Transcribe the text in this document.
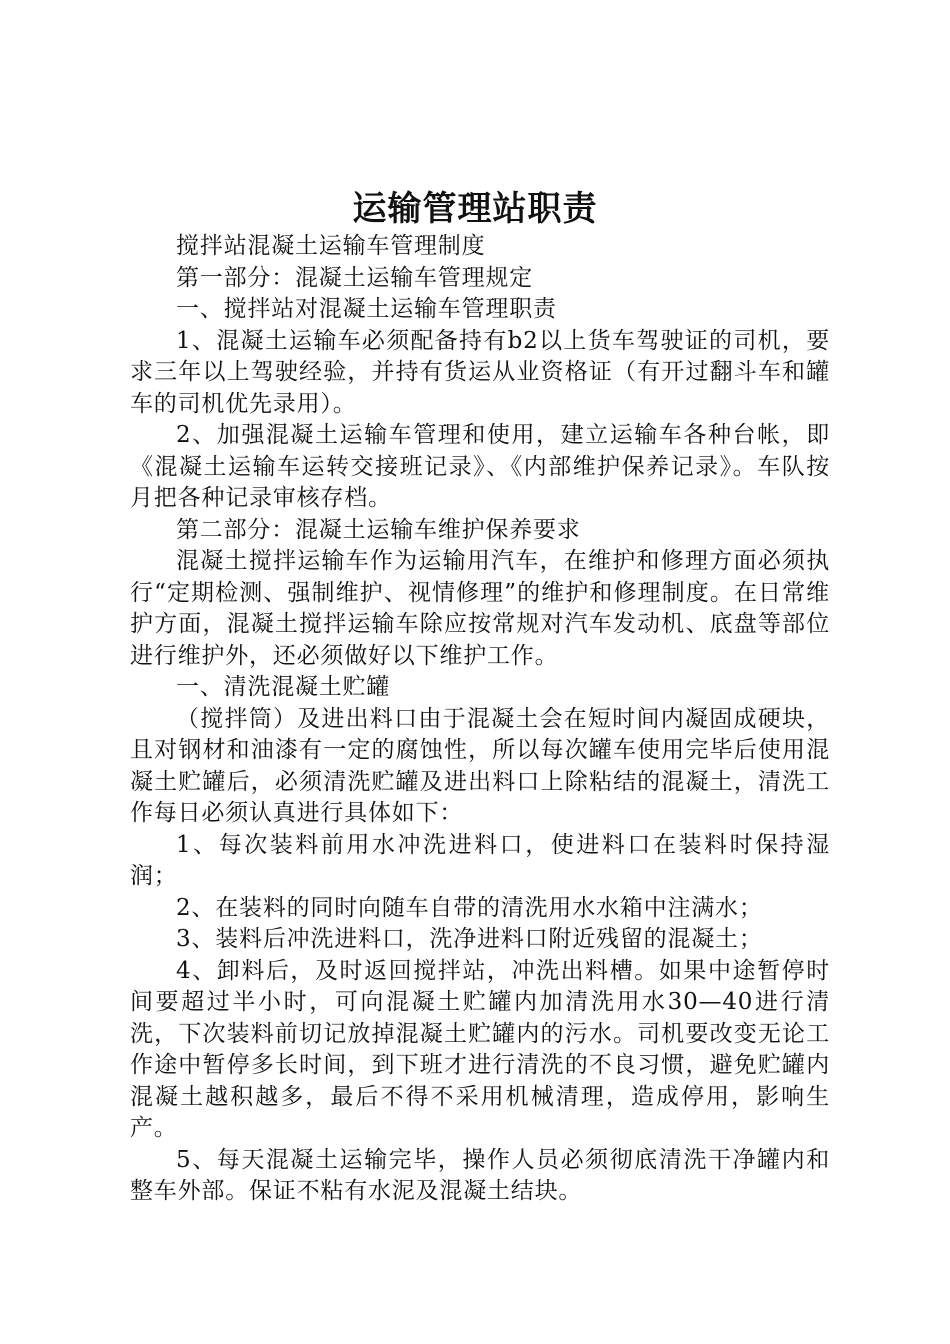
运输管理站职责

搅拌站混凝土运输车管理制度

第一部分：混凝土运输车管理规定

一、搅拌站对混凝土运输车管理职责

1、混凝土运输车必须配备持有b2以上货车驾驶证的司机，要求三年以上驾驶经验，并持有货运从业资格证（有开过翻斗车和罐车的司机优先录用）。

2、加强混凝土运输车管理和使用，建立运输车各种台帐，即《混凝土运输车运转交接班记录》、《内部维护保养记录》。车队按月把各种记录审核存档。

第二部分：混凝土运输车维护保养要求

混凝土搅拌运输车作为运输用汽车，在维护和修理方面必须执行“定期检测、强制维护、视情修理”的维护和修理制度。在日常维护方面，混凝土搅拌运输车除应按常规对汽车发动机、底盘等部位进行维护外，还必须做好以下维护工作。

一、清洗混凝土贮罐

（搅拌筒）及进出料口由于混凝土会在短时间内凝固成硬块，且对钢材和油漆有一定的腐蚀性，所以每次罐车使用完毕后使用混凝土贮罐后，必须清洗贮罐及进出料口上除粘结的混凝土，清洗工作每日必须认真进行具体如下：

1、每次装料前用水冲洗进料口，使进料口在装料时保持湿润；

2、在装料的同时向随车自带的清洗用水水箱中注满水；

3、装料后冲洗进料口，洗净进料口附近残留的混凝土；

4、卸料后，及时返回搅拌站，冲洗出料槽。如果中途暂停时间要超过半小时，可向混凝土贮罐内加清洗用水30—40进行清洗，下次装料前切记放掉混凝土贮罐内的污水。司机要改变无论工作途中暂停多长时间，到下班才进行清洗的不良习惯，避免贮罐内混凝土越积越多，最后不得不采用机械清理，造成停用，影响生产。

5、每天混凝土运输完毕，操作人员必须彻底清洗干净罐内和整车外部。保证不粘有水泥及混凝土结块。
